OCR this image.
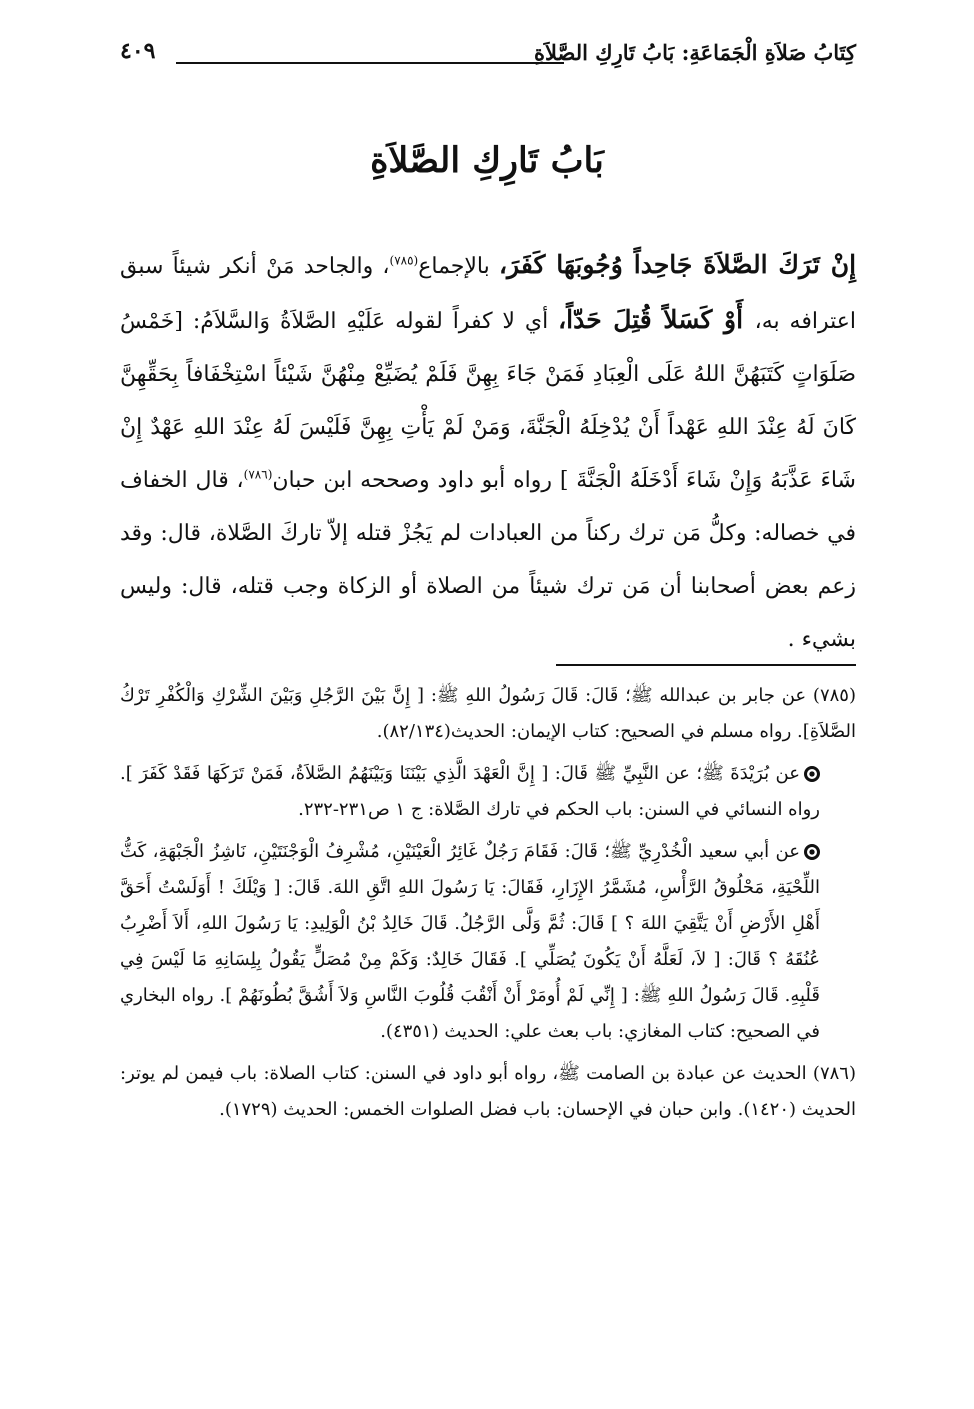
كِتَابُ صَلاَةِ الْجَمَاعَةِ: بَابُ تَارِكِ الصَّلاَةِ
٤٠٩
بَابُ تَارِكِ الصَّلاَةِ
إِنْ تَرَكَ الصَّلاَةَ جَاحِداً وُجُوبَهَا كَفَرَ، بالإجماع$^{(٧٨٥)}$، والجاحد مَنْ أنكر شيئاً سبق اعترافه به، أَوْ كَسَلاً قُتِلَ حَدّاً، أي لا كفراً لقوله عَلَيْهِ الصَّلاَةُ وَالسَّلاَمُ: [خَمْسُ صَلَوَاتٍ كَتَبَهُنَّ اللهُ عَلَى الْعِبَادِ فَمَنْ جَاءَ بِهِنَّ فَلَمْ يُضَيِّعْ مِنْهُنَّ شَيْئاً اسْتِخْفَافاً بِحَقِّهِنَّ كَانَ لَهُ عِنْدَ اللهِ عَهْداً أَنْ يُدْخِلَهُ الْجَنَّةَ، وَمَنْ لَمْ يَأْتِ بِهِنَّ فَلَيْسَ لَهُ عِنْدَ اللهِ عَهْدٌ إِنْ شَاءَ عَذَّبَهُ وَإِنْ شَاءَ أَدْخَلَهُ الْجَنَّةَ ] رواه أبو داود وصححه ابن حبان$^{(٧٨٦)}$، قال الخفاف في خصاله: وكلُّ مَن ترك ركناً من العبادات لم يَجُزْ قتله إلاّ تاركَ الصَّلاة، قال: وقد زعم بعض أصحابنا أن مَن ترك شيئاً من الصلاة أو الزكاة وجب قتله، قال: وليس بشيء .
(٧٨٥) عن جابر بن عبدالله ﷺ؛ قَالَ: قَالَ رَسُولُ اللهِ ﷺ: [ إِنَّ بَيْنَ الرَّجُلِ وَبَيْنَ الشِّرْكِ وَالْكُفْرِ تَرْكُ الصَّلاَةِ]. رواه مسلم في الصحيح: كتاب الإيمان: الحديث(٨٢/١٣٤).
عن بُرَيْدَةَ ﷺ؛ عن النَّبِيِّ ﷺ قَالَ: [ إِنَّ الْعَهْدَ الَّذِي بَيْنَنَا وَبَيْنَهُمُ الصَّلاَةُ، فَمَنْ تَرَكَهَا فَقَدْ كَفَرَ ]. رواه النسائي في السنن: باب الحكم في تارك الصَّلاة: ج ١ ص٢٣١-٢٣٢.
عن أبي سعيد الْخُدْرِيِّ ﷺ؛ قَالَ: فَقَامَ رَجُلٌ غَائِرُ الْعَيْنَيْنِ، مُشْرِفُ الْوَجْنَتَيْنِ، نَاشِزُ الْجَبْهَةِ، كَثُّ اللِّحْيَةِ، مَحْلُوقُ الرَّأْسِ، مُشَمَّرُ الإِزَارِ، فَقَالَ: يَا رَسُولَ اللهِ اتَّقِ اللهَ. قَالَ: [ وَيْلَكَ ! أَوَلَسْتُ أَحَقَّ أَهْلِ الأَرْضِ أَنْ يَتَّقِيَ اللهَ ؟ ] قَالَ: ثُمَّ وَلَّى الرَّجُلُ. قَالَ خَالِدُ بْنُ الْوَلِيدِ: يَا رَسُولَ اللهِ، أَلاَ أَضْرِبُ عُنُقَهُ ؟ قَالَ: [ لاَ، لَعَلَّهُ أَنْ يَكُونَ يُصَلِّي ]. فَقَالَ خَالِدٌ: وَكَمْ مِنْ مُصَلٍّ يَقُولُ بِلِسَانِهِ مَا لَيْسَ فِي قَلْبِهِ. قَالَ رَسُولُ اللهِ ﷺ: [ إِنِّي لَمْ أُومَرْ أَنْ أَنْقُبَ قُلُوبَ النَّاسِ وَلاَ أَشُقَّ بُطُونَهُمْ ]. رواه البخاري في الصحيح: كتاب المغازي: باب بعث علي: الحديث (٤٣٥١).
(٧٨٦) الحديث عن عبادة بن الصامت ﷺ، رواه أبو داود في السنن: كتاب الصلاة: باب فيمن لم يوتر: الحديث (١٤٢٠). وابن حبان في الإحسان: باب فضل الصلوات الخمس: الحديث (١٧٢٩).
